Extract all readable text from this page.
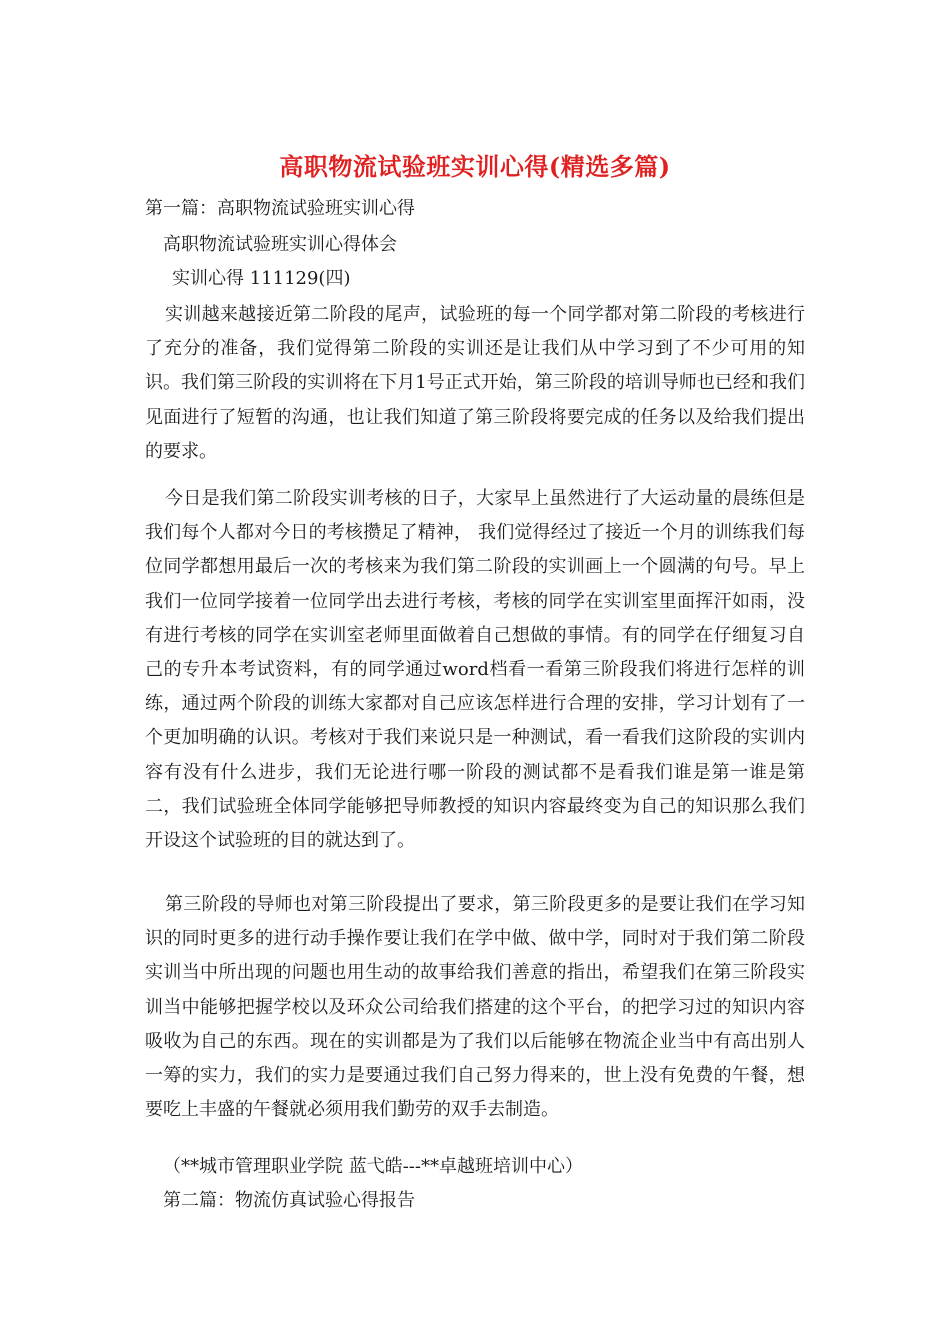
高职物流试验班实训心得(精选多篇)

第一篇：高职物流试验班实训心得

高职物流试验班实训心得体会

实训心得 111129(四)

实训越来越接近第二阶段的尾声，试验班的每一个同学都对第二阶段的考核进行了充分的准备，我们觉得第二阶段的实训还是让我们从中学习到了不少可用的知识。我们第三阶段的实训将在下月1号正式开始，第三阶段的培训导师也已经和我们见面进行了短暂的沟通，也让我们知道了第三阶段将要完成的任务以及给我们提出的要求。

今日是我们第二阶段实训考核的日子，大家早上虽然进行了大运动量的晨练但是我们每个人都对今日的考核攒足了精神， 我们觉得经过了接近一个月的训练我们每位同学都想用最后一次的考核来为我们第二阶段的实训画上一个圆满的句号。早上我们一位同学接着一位同学出去进行考核，考核的同学在实训室里面挥汗如雨，没有进行考核的同学在实训室老师里面做着自己想做的事情。有的同学在仔细复习自己的专升本考试资料，有的同学通过word档看一看第三阶段我们将进行怎样的训练，通过两个阶段的训练大家都对自己应该怎样进行合理的安排，学习计划有了一个更加明确的认识。考核对于我们来说只是一种测试，看一看我们这阶段的实训内容有没有什么进步，我们无论进行哪一阶段的测试都不是看我们谁是第一谁是第二，我们试验班全体同学能够把导师教授的知识内容最终变为自己的知识那么我们开设这个试验班的目的就达到了。

第三阶段的导师也对第三阶段提出了要求，第三阶段更多的是要让我们在学习知识的同时更多的进行动手操作要让我们在学中做、做中学，同时对于我们第二阶段实训当中所出现的问题也用生动的故事给我们善意的指出，希望我们在第三阶段实训当中能够把握学校以及环众公司给我们搭建的这个平台，的把学习过的知识内容吸收为自己的东西。现在的实训都是为了我们以后能够在物流企业当中有高出别人一筹的实力，我们的实力是要通过我们自己努力得来的，世上没有免费的午餐，想要吃上丰盛的午餐就必须用我们勤劳的双手去制造。

（**城市管理职业学院 蓝弋皓---**卓越班培训中心）

第二篇：物流仿真试验心得报告
